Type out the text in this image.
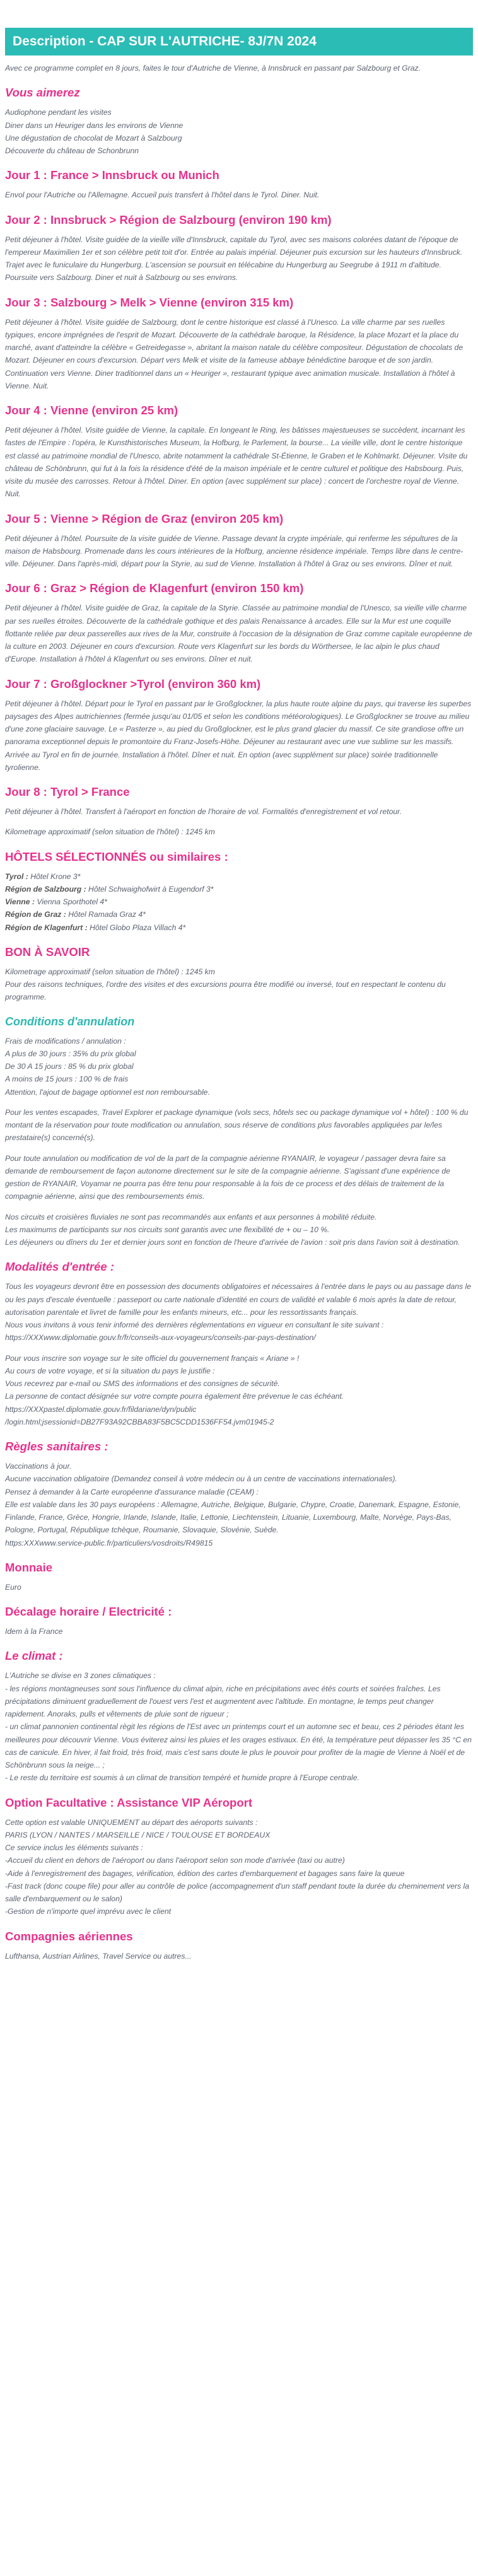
Description - CAP SUR L'AUTRICHE- 8J/7N 2024

Avec ce programme complet en 8 jours, faites le tour d'Autriche de Vienne, à Innsbruck en passant par Salzbourg et Graz.

Vous aimerez

Audiophone pendant les visites
Diner dans un Heuriger dans les environs de Vienne
Une dégustation de chocolat de Mozart à Salzbourg
Découverte du château de Schonbrunn

Jour 1 : France > Innsbruck ou Munich

Envol pour l'Autriche ou l'Allemagne. Accueil puis transfert à l'hôtel dans le Tyrol. Diner. Nuit.

Jour 2 : Innsbruck > Région de Salzbourg (environ 190 km)

Petit déjeuner à l'hôtel. Visite guidée de la vieille ville d'Innsbruck, capitale du Tyrol, avec ses maisons colorées datant de l'époque de l'empereur Maximilien 1er et son célèbre petit toit d'or. Entrée au palais impérial. Déjeuner puis excursion sur les hauteurs d'Innsbruck. Trajet avec le funiculaire du Hungerburg. L'ascension se poursuit en télécabine du Hungerburg au Seegrube à 1911 m d'altitude. Poursuite vers Salzbourg. Diner et nuit à Salzbourg ou ses environs.

Jour 3 : Salzbourg > Melk > Vienne (environ 315 km)

Petit déjeuner à l'hôtel. Visite guidée de Salzbourg, dont le centre historique est classé à l'Unesco. La ville charme par ses ruelles typiques, encore imprégnées de l'esprit de Mozart. Découverte de la cathédrale baroque, la Résidence, la place Mozart et la place du marché, avant d'atteindre la célèbre « Getreidegasse », abritant la maison natale du célèbre compositeur. Dégustation de chocolats de Mozart. Déjeuner en cours d'excursion. Départ vers Melk et visite de la fameuse abbaye bénédictine baroque et de son jardin. Continuation vers Vienne. Diner traditionnel dans un « Heuriger », restaurant typique avec animation musicale. Installation à l'hôtel à Vienne. Nuit.

Jour 4 : Vienne (environ 25 km)

Petit déjeuner à l'hôtel. Visite guidée de Vienne, la capitale. En longeant le Ring, les bâtisses majestueuses se succèdent, incarnant les fastes de l'Empire : l'opéra, le Kunsthistorisches Museum, la Hofburg, le Parlement, la bourse... La vieille ville, dont le centre historique est classé au patrimoine mondial de l'Unesco, abrite notamment la cathédrale St-Étienne, le Graben et le Kohlmarkt. Déjeuner. Visite du château de Schönbrunn, qui fut à la fois la résidence d'été de la maison impériale et le centre culturel et politique des Habsbourg. Puis, visite du musée des carrosses. Retour à l'hôtel. Diner. En option (avec supplément sur place) : concert de l'orchestre royal de Vienne. Nuit.

Jour 5 : Vienne > Région de Graz (environ 205 km)

Petit déjeuner à l'hôtel. Poursuite de la visite guidée de Vienne. Passage devant la crypte impériale, qui renferme les sépultures de la maison de Habsbourg. Promenade dans les cours intérieures de la Hofburg, ancienne résidence impériale. Temps libre dans le centre-ville. Déjeuner. Dans l'après-midi, départ pour la Styrie, au sud de Vienne. Installation à l'hôtel à Graz ou ses environs. Dîner et nuit.

Jour 6 : Graz > Région de Klagenfurt (environ 150 km)

Petit déjeuner à l'hôtel. Visite guidée de Graz, la capitale de la Styrie. Classée au patrimoine mondial de l'Unesco, sa vieille ville charme par ses ruelles étroites. Découverte de la cathédrale gothique et des palais Renaissance à arcades. Elle sur la Mur est une coquille flottante reliée par deux passerelles aux rives de la Mur, construite à l'occasion de la désignation de Graz comme capitale européenne de la culture en 2003. Déjeuner en cours d'excursion. Route vers Klagenfurt sur les bords du Wörthersee, le lac alpin le plus chaud d'Europe. Installation à l'hôtel à Klagenfurt ou ses environs. Dîner et nuit.

Jour 7 : Großglockner >Tyrol (environ 360 km)

Petit déjeuner à l'hôtel. Départ pour le Tyrol en passant par le Großglockner, la plus haute route alpine du pays, qui traverse les superbes paysages des Alpes autrichiennes (fermée jusqu'au 01/05 et selon les conditions météorologiques). Le Großglockner se trouve au milieu d'une zone glaciaire sauvage. Le « Pasterze », au pied du Großglockner, est le plus grand glacier du massif. Ce site grandiose offre un panorama exceptionnel depuis le promontoire du Franz-Josefs-Höhe. Déjeuner au restaurant avec une vue sublime sur les massifs. Arrivée au Tyrol en fin de journée. Installation à l'hôtel. Dîner et nuit. En option (avec supplément sur place) soirée traditionnelle tyrolienne.

Jour 8 : Tyrol > France

Petit déjeuner à l'hôtel. Transfert à l'aéroport en fonction de l'horaire de vol. Formalités d'enregistrement et vol retour.

Kilometrage approximatif (selon situation de l'hôtel) : 1245 km

HÔTELS SÉLECTIONNÉS ou similaires :

Tyrol : Hôtel Krone 3*
Région de Salzbourg : Hôtel Schwaighofwirt à Eugendorf 3*
Vienne : Vienna Sporthotel 4*
Région de Graz : Hôtel Ramada Graz 4*
Région de Klagenfurt : Hôtel Globo Plaza Villach 4*

BON À SAVOIR

Kilometrage approximatif (selon situation de l'hôtel) : 1245 km
Pour des raisons techniques, l'ordre des visites et des excursions pourra être modifié ou inversé, tout en respectant le contenu du programme.

Conditions d'annulation

Frais de modifications / annulation :
A plus de 30 jours : 35% du prix global
De 30 A 15 jours : 85 % du prix global
A moins de 15 jours : 100 % de frais
Attention, l'ajout de bagage optionnel est non remboursable.

Pour les ventes escapades, Travel Explorer et package dynamique (vols secs, hôtels sec ou package dynamique vol + hôtel) : 100 % du montant de la réservation pour toute modification ou annulation, sous réserve de conditions plus favorables appliquées par le/les prestataire(s) concerné(s).

Pour toute annulation ou modification de vol de la part de la compagnie aérienne RYANAIR, le voyageur / passager devra faire sa demande de remboursement de façon autonome directement sur le site de la compagnie aérienne. S'agissant d'une expérience de gestion de RYANAIR, Voyamar ne pourra pas être tenu pour responsable à la fois de ce process et des délais de traitement de la compagnie aérienne, ainsi que des remboursements émis.

Nos circuits et croisières fluviales ne sont pas recommandés aux enfants et aux personnes à mobilité réduite.
Les maximums de participants sur nos circuits sont garantis avec une flexibilité de + ou – 10 %.
Les déjeuners ou dîners du 1er et dernier jours sont en fonction de l'heure d'arrivée de l'avion : soit pris dans l'avion soit à destination.

Modalités d'entrée :

Tous les voyageurs devront être en possession des documents obligatoires et nécessaires à l'entrée dans le pays ou au passage dans le ou les pays d'escale éventuelle : passeport ou carte nationale d'identité en cours de validité et valable 6 mois après la date de retour, autorisation parentale et livret de famille pour les enfants mineurs, etc... pour les ressortissants français.
Nous vous invitons à vous tenir informé des dernières réglementations en vigueur en consultant le site suivant :
https://XXXwww.diplomatie.gouv.fr/fr/conseils-aux-voyageurs/conseils-par-pays-destination/

Pour vous inscrire son voyage sur le site officiel du gouvernement français « Ariane » !
Au cours de votre voyage, et si la situation du pays le justifie :
Vous recevrez par e-mail ou SMS des informations et des consignes de sécurité.
La personne de contact désignée sur votre compte pourra également être prévenue le cas échéant.
https://XXXpastel.diplomatie.gouv.fr/fildariane/dyn/public
/login.html;jsessionid=DB27F93A92CBBA83F5BC5CDD1536FF54.jvm01945-2

Règles sanitaires :

Vaccinations à jour.
Aucune vaccination obligatoire (Demandez conseil à votre médecin ou à un centre de vaccinations internationales).
Pensez à demander à la Carte européenne d'assurance maladie (CEAM) :
Elle est valable dans les 30 pays européens : Allemagne, Autriche, Belgique, Bulgarie, Chypre, Croatie, Danemark, Espagne, Estonie, Finlande, France, Grèce, Hongrie, Irlande, Islande, Italie, Lettonie, Liechtenstein, Lituanie, Luxembourg, Malte, Norvège, Pays-Bas, Pologne, Portugal, République tchèque, Roumanie, Slovaquie, Slovénie, Suède.
https:XXXwww.service-public.fr/particuliers/vosdroits/R49815

Monnaie

Euro

Décalage horaire / Electricité :

Idem à la France

Le climat :

L'Autriche se divise en 3 zones climatiques :
- les régions montagneuses sont sous l'influence du climat alpin, riche en précipitations avec étés courts et soirées fraîches. Les précipitations diminuent graduellement de l'ouest vers l'est et augmentent avec l'altitude. En montagne, le temps peut changer rapidement. Anoraks, pulls et vêtements de pluie sont de rigueur ;
- un climat pannonien continental règit les régions de l'Est avec un printemps court et un automne sec et beau, ces 2 périodes étant les meilleures pour découvrir Vienne. Vous éviterez ainsi les pluies et les orages estivaux. En été, la température peut dépasser les 35 °C en cas de canicule. En hiver, il fait froid, très froid, mais c'est sans doute le plus le pouvoir pour profiter de la magie de Vienne à Noël et de Schönbrunn sous la neige... ;
- Le reste du territoire est soumis à un climat de transition tempéré et humide propre à l'Europe centrale.

Option Facultative : Assistance VIP Aéroport

Cette option est valable UNIQUEMENT au départ des aéroports suivants :
PARIS (LYON / NANTES / MARSEILLE / NICE / TOULOUSE ET BORDEAUX
Ce service inclus les éléments suivants :
-Accueil du client en dehors de l'aéroport ou dans l'aéroport selon son mode d'arrivée (taxi ou autre)
-Aide à l'enregistrement des bagages, vérification, édition des cartes d'embarquement et bagages sans faire la queue
-Fast track (donc coupe file) pour aller au contrôle de police (accompagnement d'un staff pendant toute la durée du cheminement vers la salle d'embarquement ou le salon)
-Gestion de n'importe quel imprévu avec le client

Compagnies aériennes

Lufthansa, Austrian Airlines, Travel Service ou autres...
